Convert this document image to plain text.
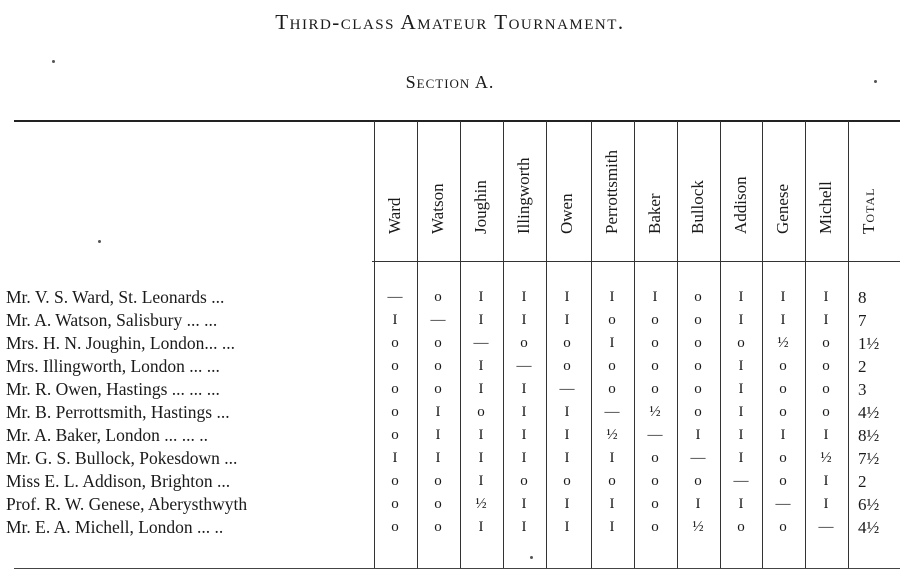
Third-class Amateur Tournament.
Section A.
Ward Watson Joughin Illingworth Owen Perrottsmith Baker Bullock Addison Genese Michell Total
Mr. V. S. Ward, St. Leonards ...	—	o	I	I	I	I	I	o	I	I	I	8
Mr. A. Watson, Salisbury ... ...	I	—	I	I	I	o	o	o	I	I	I	7
Mrs. H. N. Joughin, London... ...	o	o	—	o	o	I	o	o	o	½	o	1½
Mrs. Illingworth, London ... ...	o	o	I	—	o	o	o	o	I	o	o	2
Mr. R. Owen, Hastings ... ... ...	o	o	I	I	—	o	o	o	I	o	o	3
Mr. B. Perrottsmith, Hastings ...	o	I	o	I	I	—	½	o	I	o	o	4½
Mr. A. Baker, London ... ... ..	o	I	I	I	I	½	—	I	I	I	I	8½
Mr. G. S. Bullock, Pokesdown ...	I	I	I	I	I	I	o	—	I	o	½	7½
Miss E. L. Addison, Brighton ...	o	o	I	o	o	o	o	o	—	o	I	2
Prof. R. W. Genese, Aberysthwyth	o	o	½	I	I	I	o	I	I	—	I	6½
Mr. E. A. Michell, London ... ..	o	o	I	I	I	I	o	½	o	o	—	4½
